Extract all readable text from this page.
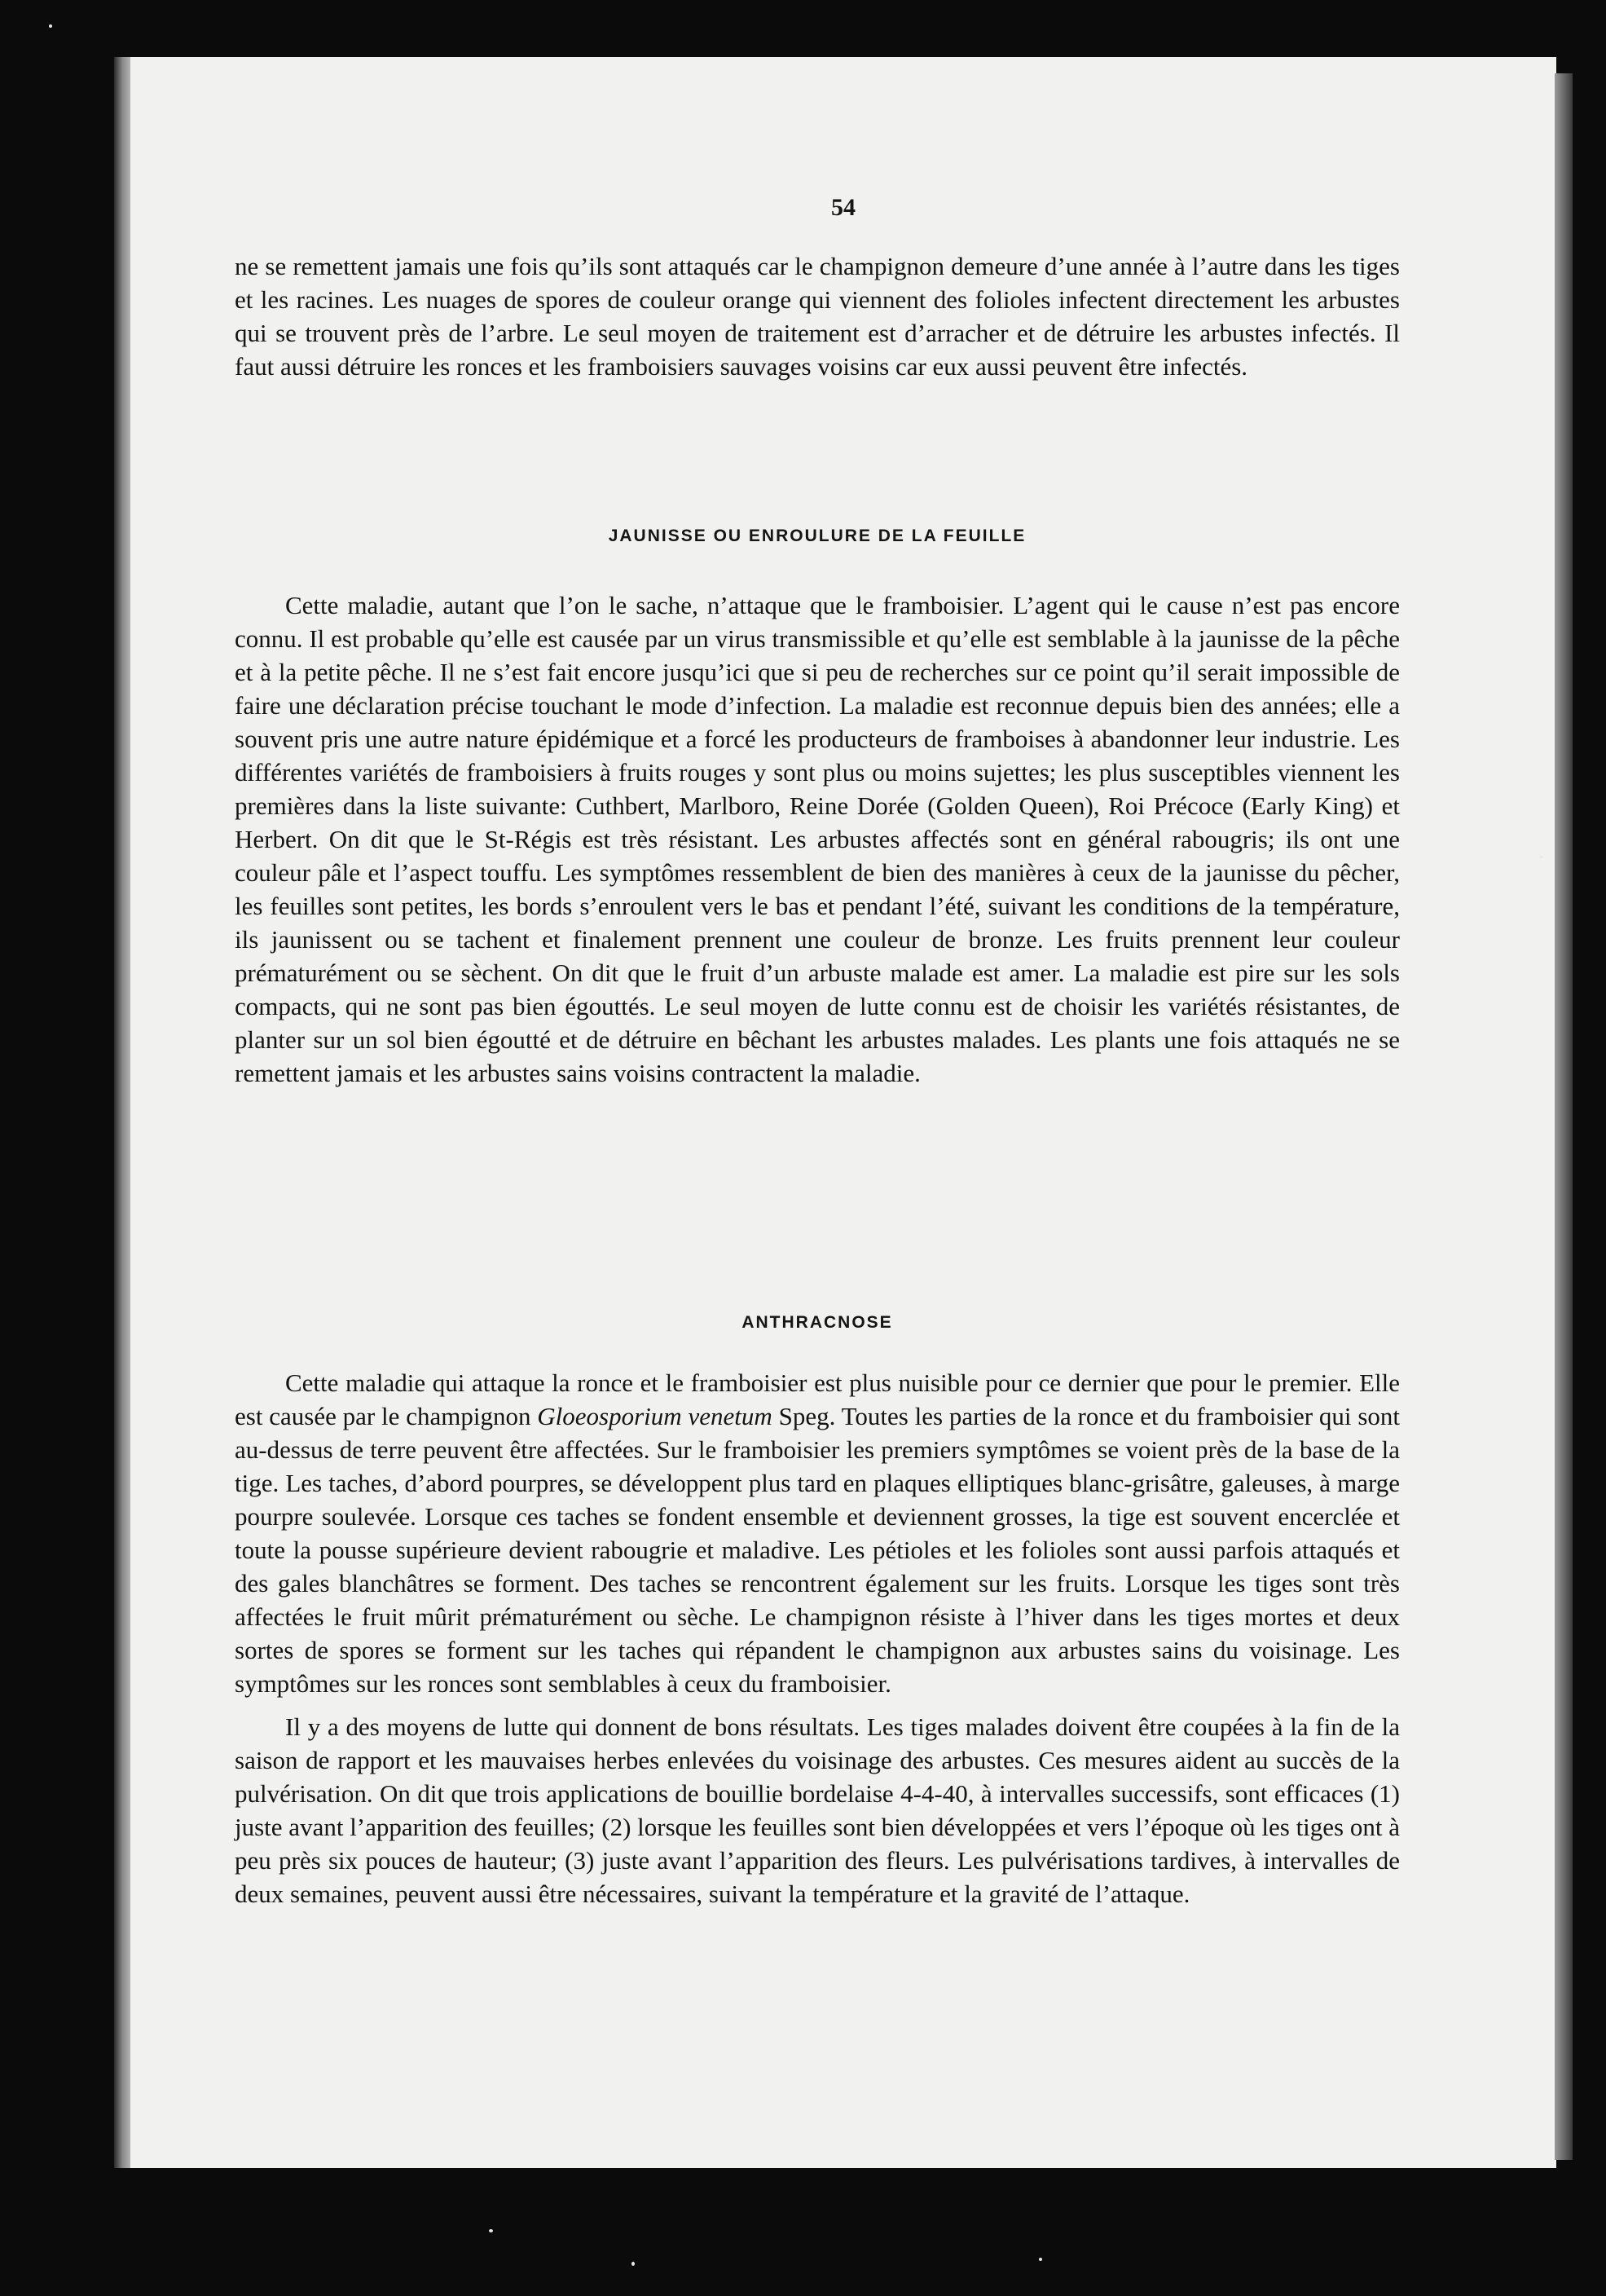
54

ne se remettent jamais une fois qu’ils sont attaqués car le champignon demeure d’une année à l’autre dans les tiges et les racines. Les nuages de spores de couleur orange qui viennent des folioles infectent directement les arbustes qui se trouvent près de l’arbre. Le seul moyen de traitement est d’arracher et de détruire les arbustes infectés. Il faut aussi détruire les ronces et les framboisiers sauvages voisins car eux aussi peuvent être infectés.

JAUNISSE OU ENROULURE DE LA FEUILLE

Cette maladie, autant que l’on le sache, n’attaque que le framboisier. L’agent qui le cause n’est pas encore connu. Il est probable qu’elle est causée par un virus transmissible et qu’elle est semblable à la jaunisse de la pêche et à la petite pêche. Il ne s’est fait encore jusqu’ici que si peu de recherches sur ce point qu’il serait impossible de faire une déclaration précise touchant le mode d’infection. La maladie est reconnue depuis bien des années; elle a souvent pris une autre nature épidémique et a forcé les producteurs de framboises à abandonner leur industrie. Les différentes variétés de framboisiers à fruits rouges y sont plus ou moins sujettes; les plus susceptibles viennent les premières dans la liste suivante: Cuthbert, Marlboro, Reine Dorée (Golden Queen), Roi Précoce (Early King) et Herbert. On dit que le St-Régis est très résistant. Les arbustes affectés sont en général rabougris; ils ont une couleur pâle et l’aspect touffu. Les symptômes ressemblent de bien des manières à ceux de la jaunisse du pêcher, les feuilles sont petites, les bords s’enroulent vers le bas et pendant l’été, suivant les conditions de la température, ils jaunissent ou se tachent et finalement prennent une couleur de bronze. Les fruits prennent leur couleur prématurément ou se sèchent. On dit que le fruit d’un arbuste malade est amer. La maladie est pire sur les sols compacts, qui ne sont pas bien égouttés. Le seul moyen de lutte connu est de choisir les variétés résistantes, de planter sur un sol bien égoutté et de détruire en bêchant les arbustes malades. Les plants une fois attaqués ne se remettent jamais et les arbustes sains voisins contractent la maladie.

ANTHRACNOSE

Cette maladie qui attaque la ronce et le framboisier est plus nuisible pour ce dernier que pour le premier. Elle est causée par le champignon Gloeosporium venetum Speg. Toutes les parties de la ronce et du framboisier qui sont au-dessus de terre peuvent être affectées. Sur le framboisier les premiers symptômes se voient près de la base de la tige. Les taches, d’abord pourpres, se développent plus tard en plaques elliptiques blanc-grisâtre, galeuses, à marge pourpre soulevée. Lorsque ces taches se fondent ensemble et deviennent grosses, la tige est souvent encerclée et toute la pousse supérieure devient rabougrie et maladive. Les pétioles et les folioles sont aussi parfois attaqués et des gales blanchâtres se forment. Des taches se rencontrent également sur les fruits. Lorsque les tiges sont très affectées le fruit mûrit prématurément ou sèche. Le champignon résiste à l’hiver dans les tiges mortes et deux sortes de spores se forment sur les taches qui répandent le champignon aux arbustes sains du voisinage. Les symptômes sur les ronces sont semblables à ceux du framboisier.

Il y a des moyens de lutte qui donnent de bons résultats. Les tiges malades doivent être coupées à la fin de la saison de rapport et les mauvaises herbes enlevées du voisinage des arbustes. Ces mesures aident au succès de la pulvérisation. On dit que trois applications de bouillie bordelaise 4-4-40, à intervalles successifs, sont efficaces (1) juste avant l’apparition des feuilles; (2) lorsque les feuilles sont bien développées et vers l’époque où les tiges ont à peu près six pouces de hauteur; (3) juste avant l’apparition des fleurs. Les pulvérisations tardives, à intervalles de deux semaines, peuvent aussi être nécessaires, suivant la température et la gravité de l’attaque.
